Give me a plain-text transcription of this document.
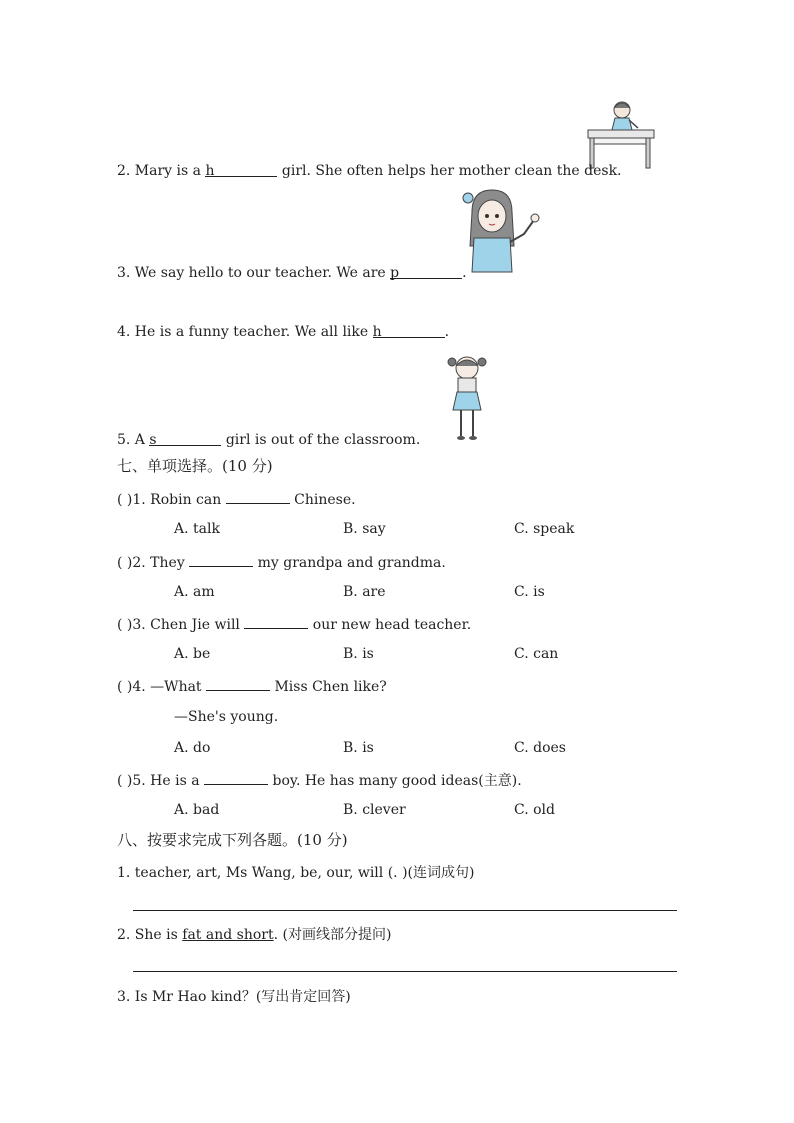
2. Mary is a h	girl. She often helps her mother clean the desk.
3. We say hello to our teacher. We are p	.
4. He is a funny teacher. We all like h	.
5. A s	girl is out of the classroom.
七、单项选择。(10 分)
( )1. Robin can	Chinese.
A. talk	B. say	C. speak
( )2. They	my grandpa and grandma.
A. am	B. are	C. is
( )3. Chen Jie will	our new head teacher.
A. be	B. is	C. can
( )4. —What	Miss Chen like?
—She's young.
A. do	B. is	C. does
( )5. He is a	boy. He has many good ideas(主意).
A. bad	B. clever	C. old
八、按要求完成下列各题。(10 分)
1. teacher, art, Ms Wang, be, our, will (. )(连词成句)
2. She is fat and short. (对画线部分提问)
3. Is Mr Hao kind？(写出肯定回答)
